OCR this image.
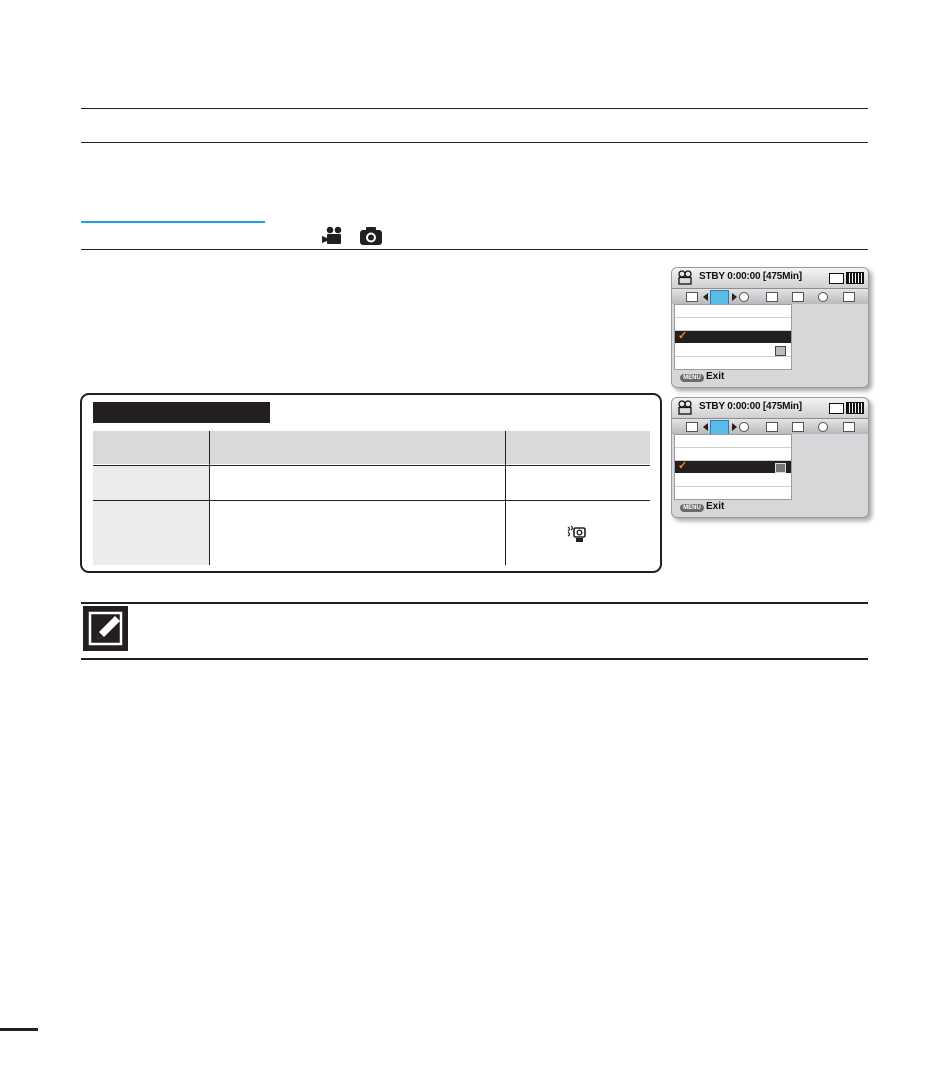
STBY 0:00:00 [475Min]
✓
MENU Exit
STBY 0:00:00 [475Min]
✓
MENU Exit
